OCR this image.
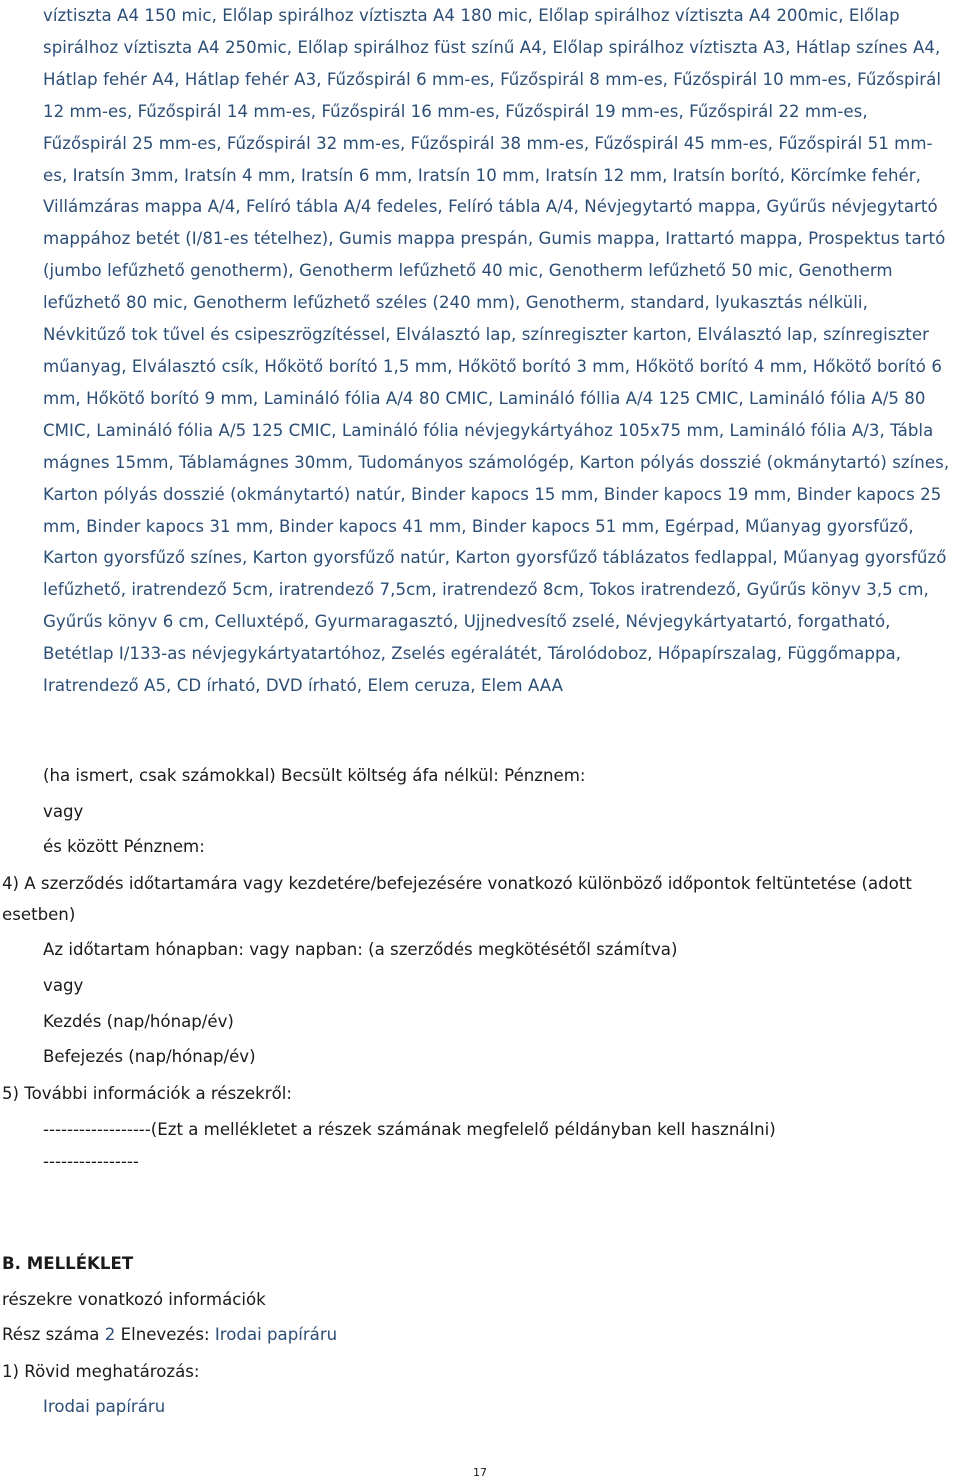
víztiszta A4 150 mic, Előlap spirálhoz víztiszta A4 180 mic, Előlap spirálhoz víztiszta A4 200mic, Előlap spirálhoz víztiszta A4 250mic, Előlap spirálhoz füst színű A4, Előlap spirálhoz víztiszta A3, Hátlap színes A4, Hátlap fehér A4, Hátlap fehér A3, Fűzőspirál 6 mm-es, Fűzőspirál 8 mm-es, Fűzőspirál 10 mm-es, Fűzőspirál 12 mm-es, Fűzőspirál 14 mm-es, Fűzőspirál 16 mm-es, Fűzőspirál 19 mm-es, Fűzőspirál 22 mm-es, Fűzőspirál 25 mm-es, Fűzőspirál 32 mm-es, Fűzőspirál 38 mm-es, Fűzőspirál 45 mm-es, Fűzőspirál 51 mm-es, Iratsín 3mm, Iratsín 4 mm, Iratsín 6 mm, Iratsín 10 mm, Iratsín 12 mm, Iratsín borító, Körcímke fehér, Villámzáras mappa A/4, Felíró tábla A/4 fedeles, Felíró tábla A/4, Névjegytartó mappa, Gyűrűs névjegytartó mappához betét (I/81-es tételhez), Gumis mappa prespán, Gumis mappa, Irattartó mappa, Prospektus tartó (jumbo lefűzhető genotherm), Genotherm lefűzhető 40 mic, Genotherm lefűzhető 50 mic, Genotherm lefűzhető 80 mic, Genotherm lefűzhető széles (240 mm), Genotherm, standard, lyukasztás nélküli, Névkitűző tok tűvel és csipeszrögzítéssel, Elválasztó lap, színregiszter karton, Elválasztó lap, színregiszter műanyag, Elválasztó csík, Hőkötő borító 1,5 mm, Hőkötő borító 3 mm, Hőkötő borító 4 mm, Hőkötő borító 6 mm, Hőkötő borító 9 mm, Lamináló fólia A/4 80 CMIC, Lamináló fóllia A/4 125 CMIC, Lamináló fólia A/5 80 CMIC, Lamináló fólia A/5 125 CMIC, Lamináló fólia névjegykártyához 105x75 mm, Lamináló fólia A/3, Tábla mágnes 15mm, Táblamágnes 30mm, Tudományos számológép, Karton pólyás dosszié (okmánytartó) színes, Karton pólyás dosszié (okmánytartó) natúr, Binder kapocs 15 mm, Binder kapocs 19 mm, Binder kapocs 25 mm, Binder kapocs 31 mm, Binder kapocs 41 mm, Binder kapocs 51 mm, Egérpad, Műanyag gyorsfűző, Karton gyorsfűző színes, Karton gyorsfűző natúr, Karton gyorsfűző táblázatos fedlappal, Műanyag gyorsfűző lefűzhető, iratrendező 5cm, iratrendező 7,5cm, iratrendező 8cm, Tokos iratrendező, Gyűrűs könyv 3,5 cm, Gyűrűs könyv 6 cm, Celluxtépő, Gyurmaragasztó, Ujjnedvesítő zselé, Névjegykártyatartó, forgatható, Betétlap I/133-as névjegykártyatartóhoz, Zselés egéralátét, Tárolódoboz, Hőpapírszalag, Függőmappa, Iratrendező A5, CD írható, DVD írható, Elem ceruza, Elem AAA

(ha ismert, csak számokkal) Becsült költség áfa nélkül: Pénznem:
vagy
és között Pénznem:
4) A szerződés időtartamára vagy kezdetére/befejezésére vonatkozó különböző időpontok feltüntetése (adott esetben)
Az időtartam hónapban: vagy napban: (a szerződés megkötésétől számítva)
vagy
Kezdés (nap/hónap/év)
Befejezés (nap/hónap/év)
5) További információk a részekről:
------------------(Ezt a mellékletet a részek számának megfelelő példányban kell használni)
----------------
B. MELLÉKLET
részekre vonatkozó információk
Rész száma 2 Elnevezés: Irodai papíráru
1) Rövid meghatározás:
Irodai papíráru
17
